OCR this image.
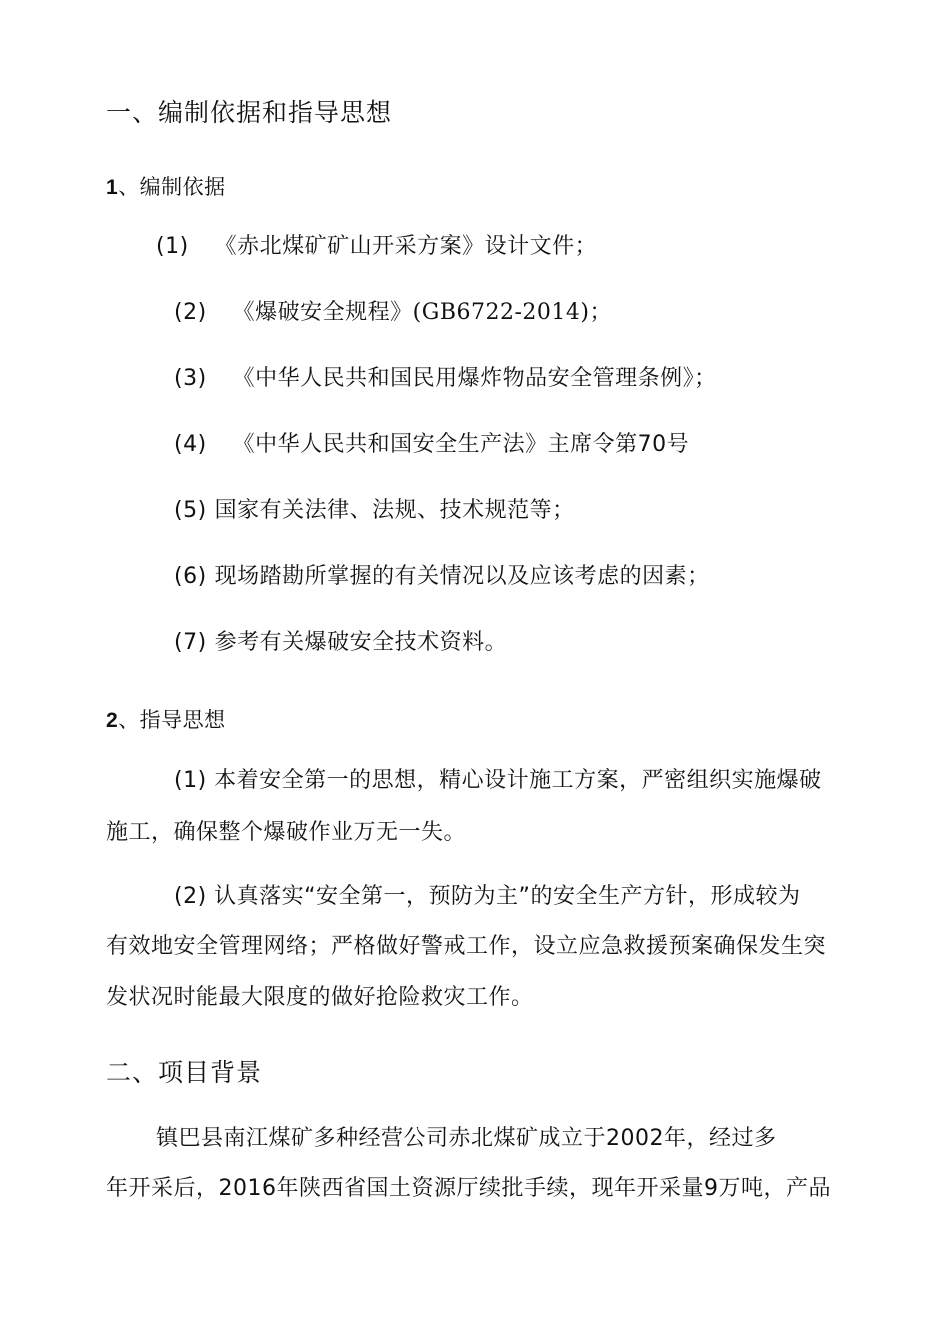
一、编制依据和指导思想
1、编制依据
(1) 《赤北煤矿矿山开采方案》设计文件；
(2) 《爆破安全规程》(GB6722-2014)；
(3) 《中华人民共和国民用爆炸物品安全管理条例》；
(4) 《中华人民共和国安全生产法》主席令第70号
(5) 国家有关法律、法规、技术规范等；
(6) 现场踏勘所掌握的有关情况以及应该考虑的因素；
(7) 参考有关爆破安全技术资料。
2、指导思想
(1) 本着安全第一的思想，精心设计施工方案，严密组织实施爆破
施工，确保整个爆破作业万无一失。
(2) 认真落实“安全第一，预防为主”的安全生产方针，形成较为
有效地安全管理网络；严格做好警戒工作，设立应急救援预案确保发生突
发状况时能最大限度的做好抢险救灾工作。
二、项目背景
镇巴县南江煤矿多种经营公司赤北煤矿成立于2002年，经过多
年开采后，2016年陕西省国土资源厅续批手续，现年开采量9万吨，产品
